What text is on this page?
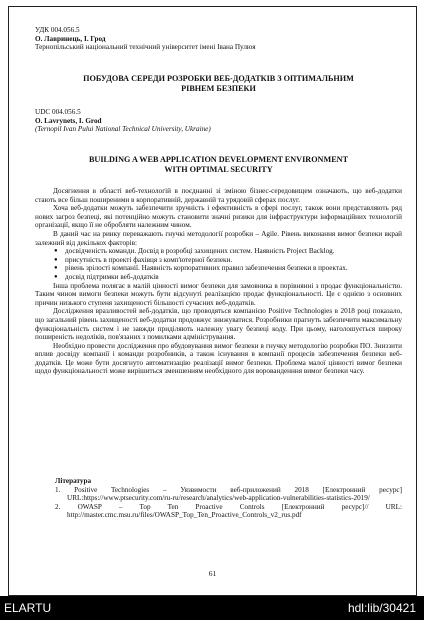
УДК 004.056.5
О. Лавринець, І. Грод
Тернопільський національний технічний університет імені Івана Пулюя
ПОБУДОВА СЕРЕДИ РОЗРОБКИ ВЕБ-ДОДАТКІВ З ОПТИМАЛЬНИМ
РІВНЕМ БЕЗПЕКИ
UDC 004.056.5
O. Lavrynets, I. Grod
(Ternopil Ivan Pului National Technical University, Ukraine)
BUILDING A WEB APPLICATION DEVELOPMENT ENVIRONMENT
WITH OPTIMAL SECURITY
Досягнення в області веб-технологій в поєднанні зі зміною бізнес-середовищем означають, що веб-додатки стають все більш поширеними в корпоративній, державній та урядовій сферах послуг.
Хоча веб-додатки можуть забезпечити зручність і ефективність в сфері послуг, також вони представляють ряд нових загроз безпеці, які потенційно можуть становити значні ризики для інфраструктури інформаційних технологій організації, якщо її не обробляти належним чином.
В даний час на ринку переважають гнучкі методології розробки – Agile. Рівень виконання вимог безпеки вкрай залежний від декількох факторів:
● досвідченість команди. Досвід в розробці захищених систем. Наявність Project Backlog.
● присутність в проекті фахівця з комп'ютерної безпеки.
● рівень зрілості компанії. Наявність корпоративних правил забезпечення безпеки в проектах.
● досвід підтримки веб-додатків
Інша проблема полягає в малій цінності вимог безпеки для замовника в порівнянні з продає функціональністю. Таким чином вимоги безпеки можуть бути відсунуті реалізацією продає функціональності. Це є однією з основних причин низького ступеня захищеності більшості сучасних веб-додатків.
Дослідження вразливостей веб-додатків, що проводяться компанією Positive Technologies в 2018 році показало, що загальний рівень захищеності веб-додатки продовжує знижуватися. Розробники прагнуть забезпечити максимальну функціональність систем і не завжди приділяють належну увагу безпеці коду. При цьому, наголошується широку поширеність недоліків, пов'язаних з помилками адміністрування.
Необхідно провести дослідження про вбудовування вимог безпеки в гнучку методологію розробки ПО. Зниззити вплив досвіду компанії і команди розробників, а також існування в компанії процесів забезпечення безпеки веб-додатків. Це може бути досягнуто автоматизацію реалізації вимог безпеки. Проблема малої цінності вимог безпеки щодо функціональності може вирішиться зменшенням необхідного для ворованденння вимог безпеки часу.
Література
1. Positive Technologies – Уязвимости веб-приложений 2018 [Електронний ресурс] URL:https://www.ptsecurity.com/ru-ru/research/analytics/web-application-vulnerabilities-statistics-2019/
2. OWASP – Top Ten Proactive Controls [Електронний ресурс]// URL: http://master.cmc.msu.ru/files/OWASP_Top_Ten_Proactive_Controls_v2_rus.pdf
61
ELARTU	hdl:lib/30421
